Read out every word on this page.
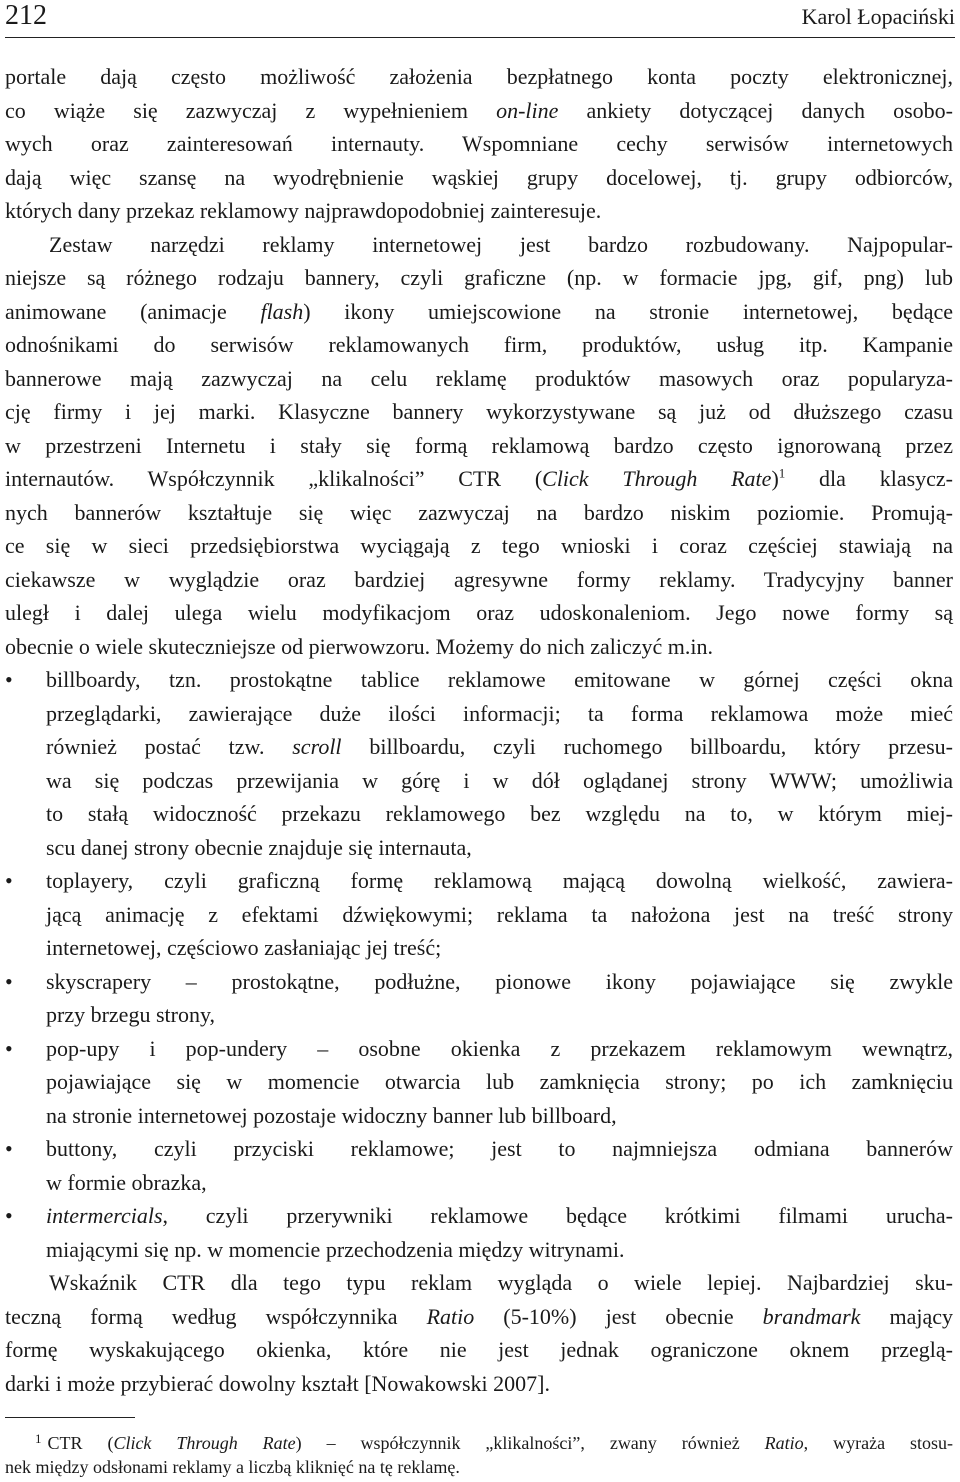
212	Karol Łopaciński
portale dają często możliwość założenia bezpłatnego konta poczty elektronicznej,
co wiąże się zazwyczaj z wypełnieniem on-line ankiety dotyczącej danych osobo-
wych oraz zainteresowań internauty. Wspomniane cechy serwisów internetowych
dają więc szansę na wyodrębnienie wąskiej grupy docelowej, tj. grupy odbiorców,
których dany przekaz reklamowy najprawdopodobniej zainteresuje.
Zestaw narzędzi reklamy internetowej jest bardzo rozbudowany. Najpopular-
niejsze są różnego rodzaju bannery, czyli graficzne (np. w formacie jpg, gif, png) lub
animowane (animacje flash) ikony umiejscowione na stronie internetowej, będące
odnośnikami do serwisów reklamowanych firm, produktów, usług itp. Kampanie
bannerowe mają zazwyczaj na celu reklamę produktów masowych oraz popularyza-
cję firmy i jej marki. Klasyczne bannery wykorzystywane są już od dłuższego czasu
w przestrzeni Internetu i stały się formą reklamową bardzo często ignorowaną przez
internautów. Współczynnik „klikalności” CTR (Click Through Rate)$^1$ dla klasycz-
nych bannerów kształtuje się więc zazwyczaj na bardzo niskim poziomie. Promują-
ce się w sieci przedsiębiorstwa wyciągają z tego wnioski i coraz częściej stawiają na
ciekawsze w wyglądzie oraz bardziej agresywne formy reklamy. Tradycyjny banner
uległ i dalej ulega wielu modyfikacjom oraz udoskonaleniom. Jego nowe formy są
obecnie o wiele skuteczniejsze od pierwowzoru. Możemy do nich zaliczyć m.in.
•	billboardy, tzn. prostokątne tablice reklamowe emitowane w górnej części okna
przeglądarki, zawierające duże ilości informacji; ta forma reklamowa może mieć
również postać tzw. scroll billboardu, czyli ruchomego billboardu, który przesu-
wa się podczas przewijania w górę i w dół oglądanej strony WWW; umożliwia
to stałą widoczność przekazu reklamowego bez względu na to, w którym miej-
scu danej strony obecnie znajduje się internauta,
•	toplayery, czyli graficzną formę reklamową mającą dowolną wielkość, zawiera-
jącą animację z efektami dźwiękowymi; reklama ta nałożona jest na treść strony
internetowej, częściowo zasłaniając jej treść;
•	skyscrapery – prostokątne, podłużne, pionowe ikony pojawiające się zwykle
przy brzegu strony,
•	pop-upy i pop-undery – osobne okienka z przekazem reklamowym wewnątrz,
pojawiające się w momencie otwarcia lub zamknięcia strony; po ich zamknięciu
na stronie internetowej pozostaje widoczny banner lub billboard,
•	buttony, czyli przyciski reklamowe; jest to najmniejsza odmiana bannerów
w formie obrazka,
•	intermercials, czyli przerywniki reklamowe będące krótkimi filmami urucha-
miającymi się np. w momencie przechodzenia między witrynami.
Wskaźnik CTR dla tego typu reklam wygląda o wiele lepiej. Najbardziej sku-
teczną formą według współczynnika Ratio (5-10%) jest obecnie brandmark mający
formę wyskakującego okienka, które nie jest jednak ograniczone oknem przeglą-
darki i może przybierać dowolny kształt [Nowakowski 2007].
$^1$ CTR (Click Through Rate) – współczynnik „klikalności”, zwany również Ratio, wyraża stosu-
nek między odsłonami reklamy a liczbą kliknięć na tę reklamę.
